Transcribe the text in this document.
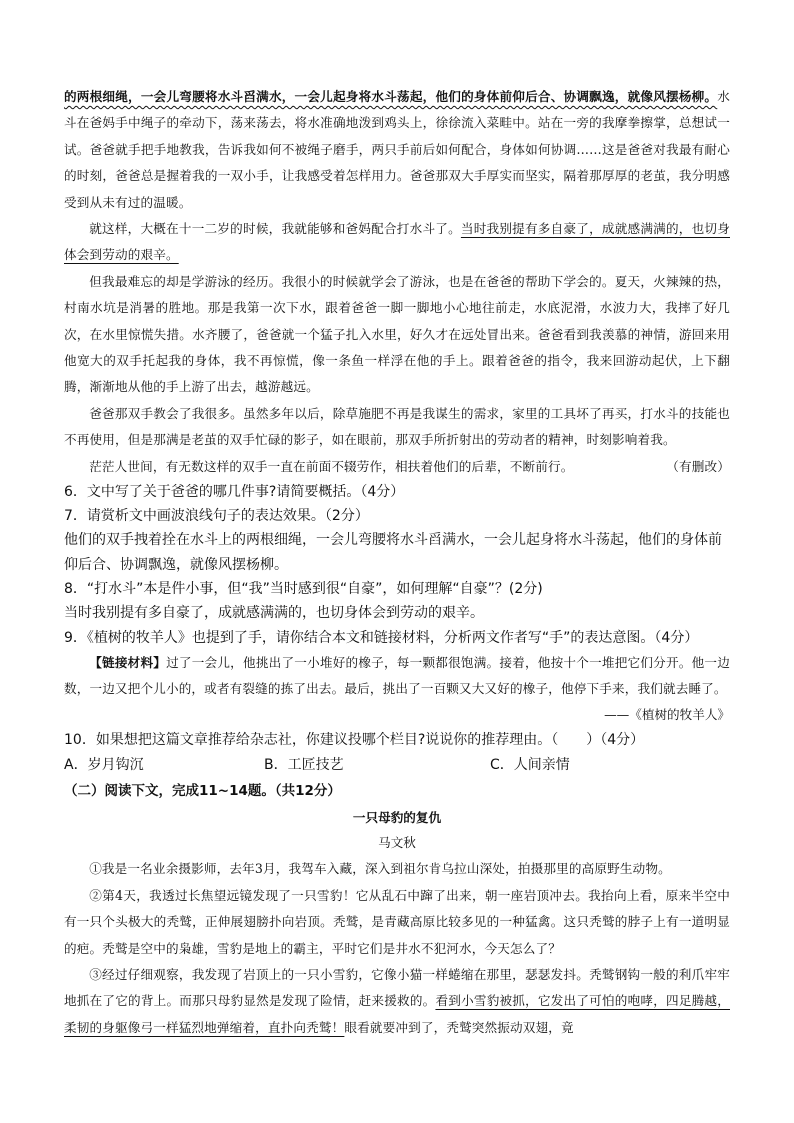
的两根细绳，一会儿弯腰将水斗舀满水，一会儿起身将水斗荡起，他们的身体前仰后合、协调飘逸，就像风摆杨柳。水斗在爸妈手中绳子的牵动下，荡来荡去，将水准确地泼到鸡头上，徐徐流入菜畦中。站在一旁的我摩拳擦掌，总想试一试。爸爸就手把手地教我，告诉我如何不被绳子磨手，两只手前后如何配合，身体如何协调……这是爸爸对我最有耐心的时刻，爸爸总是握着我的一双小手，让我感受着怎样用力。爸爸那双大手厚实而坚实，隔着那厚厚的老茧，我分明感受到从未有过的温暖。

就这样，大概在十一二岁的时候，我就能够和爸妈配合打水斗了。当时我别提有多自豪了，成就感满满的，也切身体会到劳动的艰辛。

但我最难忘的却是学游泳的经历。我很小的时候就学会了游泳，也是在爸爸的帮助下学会的。夏天，火辣辣的热，村南水坑是消暑的胜地。那是我第一次下水，跟着爸爸一脚一脚地小心地往前走，水底泥滑，水波力大，我摔了好几次，在水里惊慌失措。水齐腰了，爸爸就一个猛子扎入水里，好久才在远处冒出来。爸爸看到我羡慕的神情，游回来用他宽大的双手托起我的身体，我不再惊慌，像一条鱼一样浮在他的手上。跟着爸爸的指令，我来回游动起伏，上下翻腾，渐渐地从他的手上游了出去，越游越远。

爸爸那双手教会了我很多。虽然多年以后，除草施肥不再是我谋生的需求，家里的工具坏了再买，打水斗的技能也不再使用，但是那满是老茧的双手忙碌的影子，如在眼前，那双手所折射出的劳动者的精神，时刻影响着我。

茫茫人世间，有无数这样的双手一直在前面不辍劳作，相扶着他们的后辈，不断前行。	（有删改）

6．文中写了关于爸爸的哪几件事?请简要概括。（4分）

7．请赏析文中画波浪线句子的表达效果。（2分）

他们的双手拽着拴在水斗上的两根细绳，一会儿弯腰将水斗舀满水，一会儿起身将水斗荡起，他们的身体前仰后合、协调飘逸，就像风摆杨柳。

8．“打水斗”本是件小事，但“我”当时感到很“自豪”，如何理解“自豪”？(2分)

当时我别提有多自豪了，成就感满满的，也切身体会到劳动的艰辛。

9．《植树的牧羊人》也提到了手，请你结合本文和链接材料，分析两文作者写“手”的表达意图。（4分）

【链接材料】过了一会儿，他挑出了一小堆好的橡子，每一颗都很饱满。接着，他按十个一堆把它们分开。他一边数，一边又把个儿小的，或者有裂缝的拣了出去。最后，挑出了一百颗又大又好的橡子，他停下手来，我们就去睡了。

——《植树的牧羊人》

10．如果想把这篇文章推荐给杂志社，你建议投哪个栏目?说说你的推荐理由。（　　）（4分）

A．岁月钩沉	B．工匠技艺	C．人间亲情

（二）阅读下文，完成11~14题。（共12分）

一只母豹的复仇

马文秋

①我是一名业余摄影师，去年3月，我驾车入藏，深入到祖尔肯乌拉山深处，拍摄那里的高原野生动物。

②第4天，我透过长焦望远镜发现了一只雪豹！它从乱石中蹿了出来，朝一座岩顶冲去。我抬向上看，原来半空中有一只个头极大的秃鹫，正伸展翅膀扑向岩顶。秃鹫，是青藏高原比较多见的一种猛禽。这只秃鹫的脖子上有一道明显的疤。秃鹫是空中的枭雄，雪豹是地上的霸主，平时它们是井水不犯河水，今天怎么了？

③经过仔细观察，我发现了岩顶上的一只小雪豹，它像小猫一样蜷缩在那里，瑟瑟发抖。秃鹫钢钩一般的利爪牢牢地抓在了它的背上。而那只母豹显然是发现了险情，赶来援救的。看到小雪豹被抓，它发出了可怕的咆哮，四足腾越，柔韧的身躯像弓一样猛烈地弹缩着，直扑向秃鹫！眼看就要冲到了，秃鹫突然振动双翅，竟
